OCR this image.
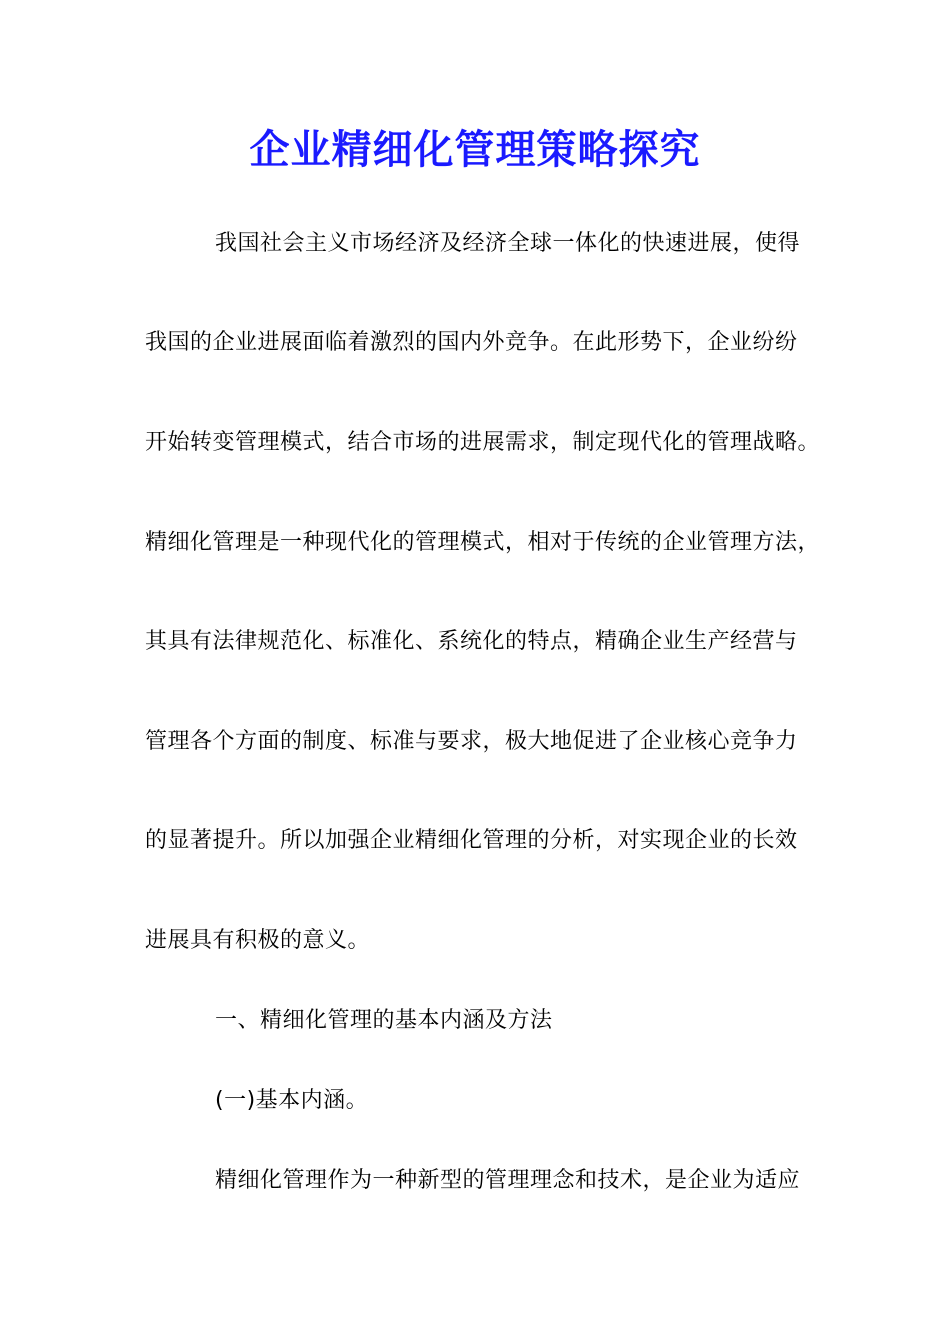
企业精细化管理策略探究
我国社会主义市场经济及经济全球一体化的快速进展，使得
我国的企业进展面临着激烈的国内外竞争。在此形势下，企业纷纷
开始转变管理模式，结合市场的进展需求，制定现代化的管理战略。
精细化管理是一种现代化的管理模式，相对于传统的企业管理方法，
其具有法律规范化、标准化、系统化的特点，精确企业生产经营与
管理各个方面的制度、标准与要求，极大地促进了企业核心竞争力
的显著提升。所以加强企业精细化管理的分析，对实现企业的长效
进展具有积极的意义。
一、精细化管理的基本内涵及方法
(一)基本内涵。
精细化管理作为一种新型的管理理念和技术，是企业为适应
